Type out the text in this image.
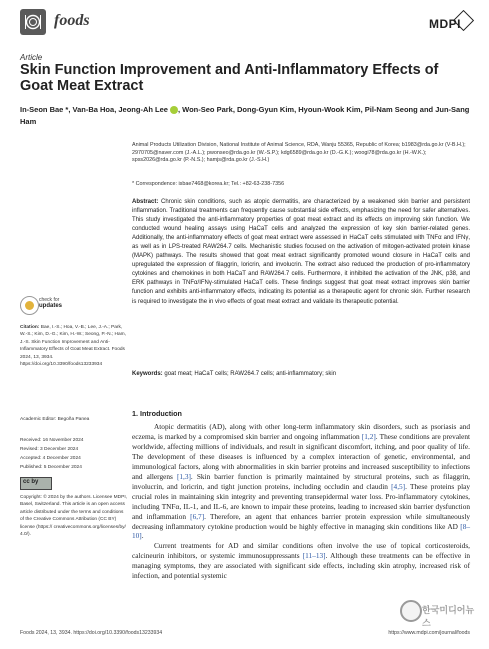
foods	MDPI
Article
Skin Function Improvement and Anti-Inflammatory Effects of Goat Meat Extract
In-Seon Bae *, Van-Ba Hoa, Jeong-Ah Lee , Won-Seo Park, Dong-Gyun Kim, Hyoun-Wook Kim, Pil-Nam Seong and Jun-Sang Ham
Animal Products Utilization Division, National Institute of Animal Science, RDA, Wanju 55365, Republic of Korea; b1983@rda.go.kr (V-B.H.); 2970705@naver.com (J.-A.L.); pwonseo@rda.go.kr (W.-S.P.); kdg6589@rda.go.kr (D.-G.K.); woogi78@rda.go.kr (H.-W.K.); spss2026@rda.go.kr (P.-N.S.); hamjs@rda.go.kr (J.-S.H.)
* Correspondence: isbae7468@korea.kr; Tel.: +82-63-238-7356
Abstract: Chronic skin conditions, such as atopic dermatitis, are characterized by a weakened skin barrier and persistent inflammation. Traditional treatments can frequently cause substantial side effects, emphasizing the need for safer alternatives. This study investigated the anti-inflammatory properties of goat meat extract and its effects on improving skin function. We conducted wound healing assays using HaCaT cells and analyzed the expression of key skin barrier-related genes. Additionally, the anti-inflammatory effects of goat meat extract were assessed in HaCaT cells stimulated with TNFα and IFNγ, as well as in LPS-treated RAW264.7 cells. Mechanistic studies focused on the activation of mitogen-activated protein kinase (MAPK) pathways. The results showed that goat meat extract significantly promoted wound closure in HaCaT cells and upregulated the expression of filaggrin, loricrin, and involucrin. The extract also reduced the production of pro-inflammatory cytokines and chemokines in both HaCaT and RAW264.7 cells. Furthermore, it inhibited the activation of the JNK, p38, and ERK pathways in TNFα/IFNγ-stimulated HaCaT cells. These findings suggest that goat meat extract improves skin barrier function and exhibits anti-inflammatory effects, indicating its potential as a therapeutic agent for chronic skin. Further research is required to investigate the in vivo effects of goat meat extract and validate its therapeutic potential.
Keywords: goat meat; HaCaT cells; RAW264.7 cells; anti-inflammatory; skin
check for
updates
Citation: Bae, I.-S.; Hoa, V.-B.; Lee, J.-A.; Park, W.-S.; Kim, D.-G.; Kim, H.-W.; Seong, P.-N.; Ham, J.-S. Skin Function Improvement and Anti-Inflammatory Effects of Goat Meat Extract. Foods 2024, 13, 3934. https://doi.org/10.3390/foods13233934
Academic Editor: Begoña Panea
Received: 16 November 2024
Revised: 3 December 2024
Accepted: 4 December 2024
Published: 5 December 2024
cc by
Copyright: © 2024 by the authors. Licensee MDPI, Basel, Switzerland. This article is an open access article distributed under the terms and conditions of the Creative Commons Attribution (CC BY) license (https:// creativecommons.org/licenses/by/ 4.0/).
1. Introduction

Atopic dermatitis (AD), along with other long-term inflammatory skin disorders, such as psoriasis and eczema, is marked by a compromised skin barrier and ongoing inflammation [1,2]. These conditions are prevalent worldwide, affecting millions of individuals, and result in significant discomfort, itching, and poor quality of life. The development of these diseases is influenced by a complex interaction of genetic, environmental, and immunological factors, along with abnormalities in skin barrier proteins and increased susceptibility to infections and allergens [1,3]. Skin barrier function is primarily maintained by structural proteins, such as filaggrin, involucrin, and loricrin, and tight junction proteins, including occludin and claudin [4,5]. These proteins play crucial roles in maintaining skin integrity and preventing transepidermal water loss. Pro-inflammatory cytokines, including TNFα, IL-1, and IL-6, are known to impair these proteins, leading to increased skin barrier dysfunction and inflammation [6,7]. Therefore, an agent that enhances barrier protein expression while simultaneously decreasing inflammatory cytokine production would be highly effective in managing skin conditions like AD [8–10].

Current treatments for AD and similar conditions often involve the use of topical corticosteroids, calcineurin inhibitors, or systemic immunosuppressants [11–13]. Although these treatments can be effective in managing symptoms, they are associated with significant side effects, including skin atrophy, increased risk of infection, and potential systemic

Foods 2024, 13, 3934. https://doi.org/10.3390/foods13233934	https://www.mdpi.com/journal/foods
한국미디어뉴스
